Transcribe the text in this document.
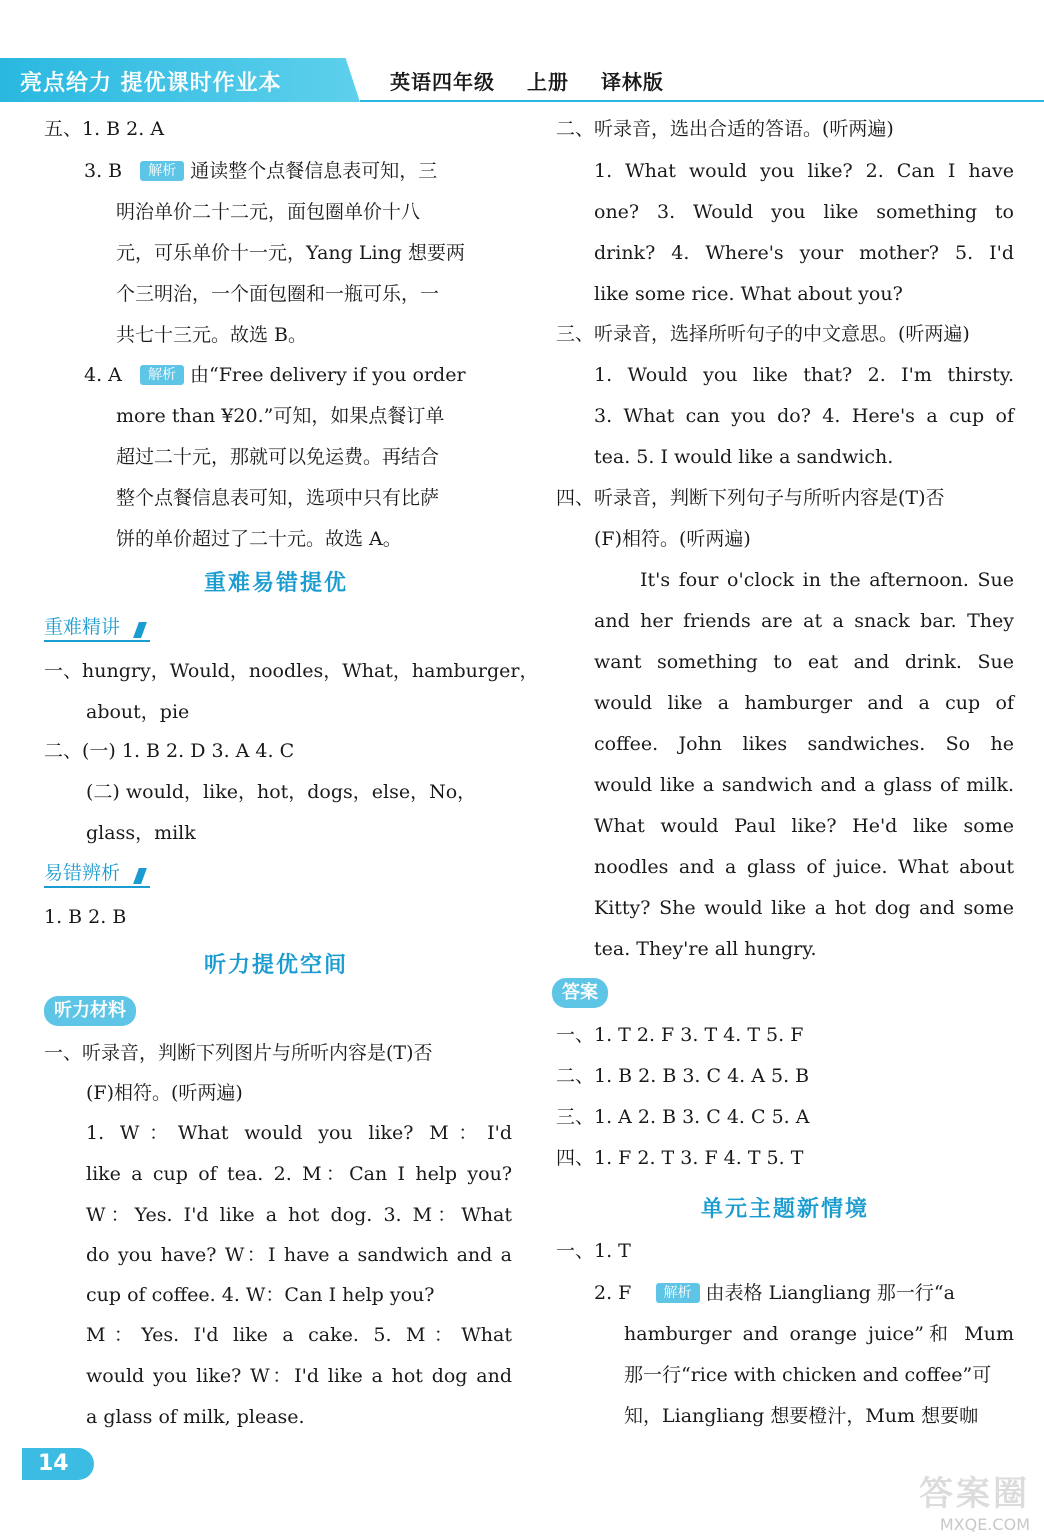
亮点给力 提优课时作业本	英语四年级 上册 译林版
五、1. B 2. A
3. B 解析 通读整个点餐信息表可知，三
明治单价二十二元，面包圈单价十八
元，可乐单价十一元，Yang Ling 想要两
个三明治，一个面包圈和一瓶可乐，一
共七十三元。故选 B。
4. A 解析 由“Free delivery if you order
more than ¥20.”可知，如果点餐订单
超过二十元，那就可以免运费。再结合
整个点餐信息表可知，选项中只有比萨
饼的单价超过了二十元。故选 A。
重难易错提优
重难精讲
一、hungry，Would，noodles，What，hamburger，
about，pie
二、(一) 1. B 2. D 3. A 4. C
(二) would，like，hot，dogs，else，No，
glass，milk
易错辨析
1. B 2. B
听力提优空间
听力材料
一、听录音，判断下列图片与所听内容是(T)否
(F)相符。(听两遍)
1. W：What would you like? M：I'd
like a cup of tea. 2. M：Can I help you?
W：Yes. I'd like a hot dog. 3. M：What
do you have? W：I have a sandwich and a
cup of coffee. 4. W：Can I help you?
M：Yes. I'd like a cake. 5. M：What
would you like? W：I'd like a hot dog and
a glass of milk, please.
二、听录音，选出合适的答语。(听两遍)
1. What would you like? 2. Can I have
one? 3. Would you like something to
drink? 4. Where's your mother? 5. I'd
like some rice. What about you?
三、听录音，选择所听句子的中文意思。(听两遍)
1. Would you like that? 2. I'm thirsty.
3. What can you do? 4. Here's a cup of
tea. 5. I would like a sandwich.
四、听录音，判断下列句子与所听内容是(T)否
(F)相符。(听两遍)
It's four o'clock in the afternoon. Sue
and her friends are at a snack bar. They
want something to eat and drink. Sue
would like a hamburger and a cup of
coffee. John likes sandwiches. So he
would like a sandwich and a glass of milk.
What would Paul like? He'd like some
noodles and a glass of juice. What about
Kitty? She would like a hot dog and some
tea. They're all hungry.
答案
一、1. T 2. F 3. T 4. T 5. F
二、1. B 2. B 3. C 4. A 5. B
三、1. A 2. B 3. C 4. C 5. A
四、1. F 2. T 3. F 4. T 5. T
单元主题新情境
一、1. T
2. F 解析 由表格 Liangliang 那一行“a
hamburger and orange juice”和 Mum
那一行“rice with chicken and coffee”可
知，Liangliang 想要橙汁，Mum 想要咖
14
答案圈
MXQE.COM
